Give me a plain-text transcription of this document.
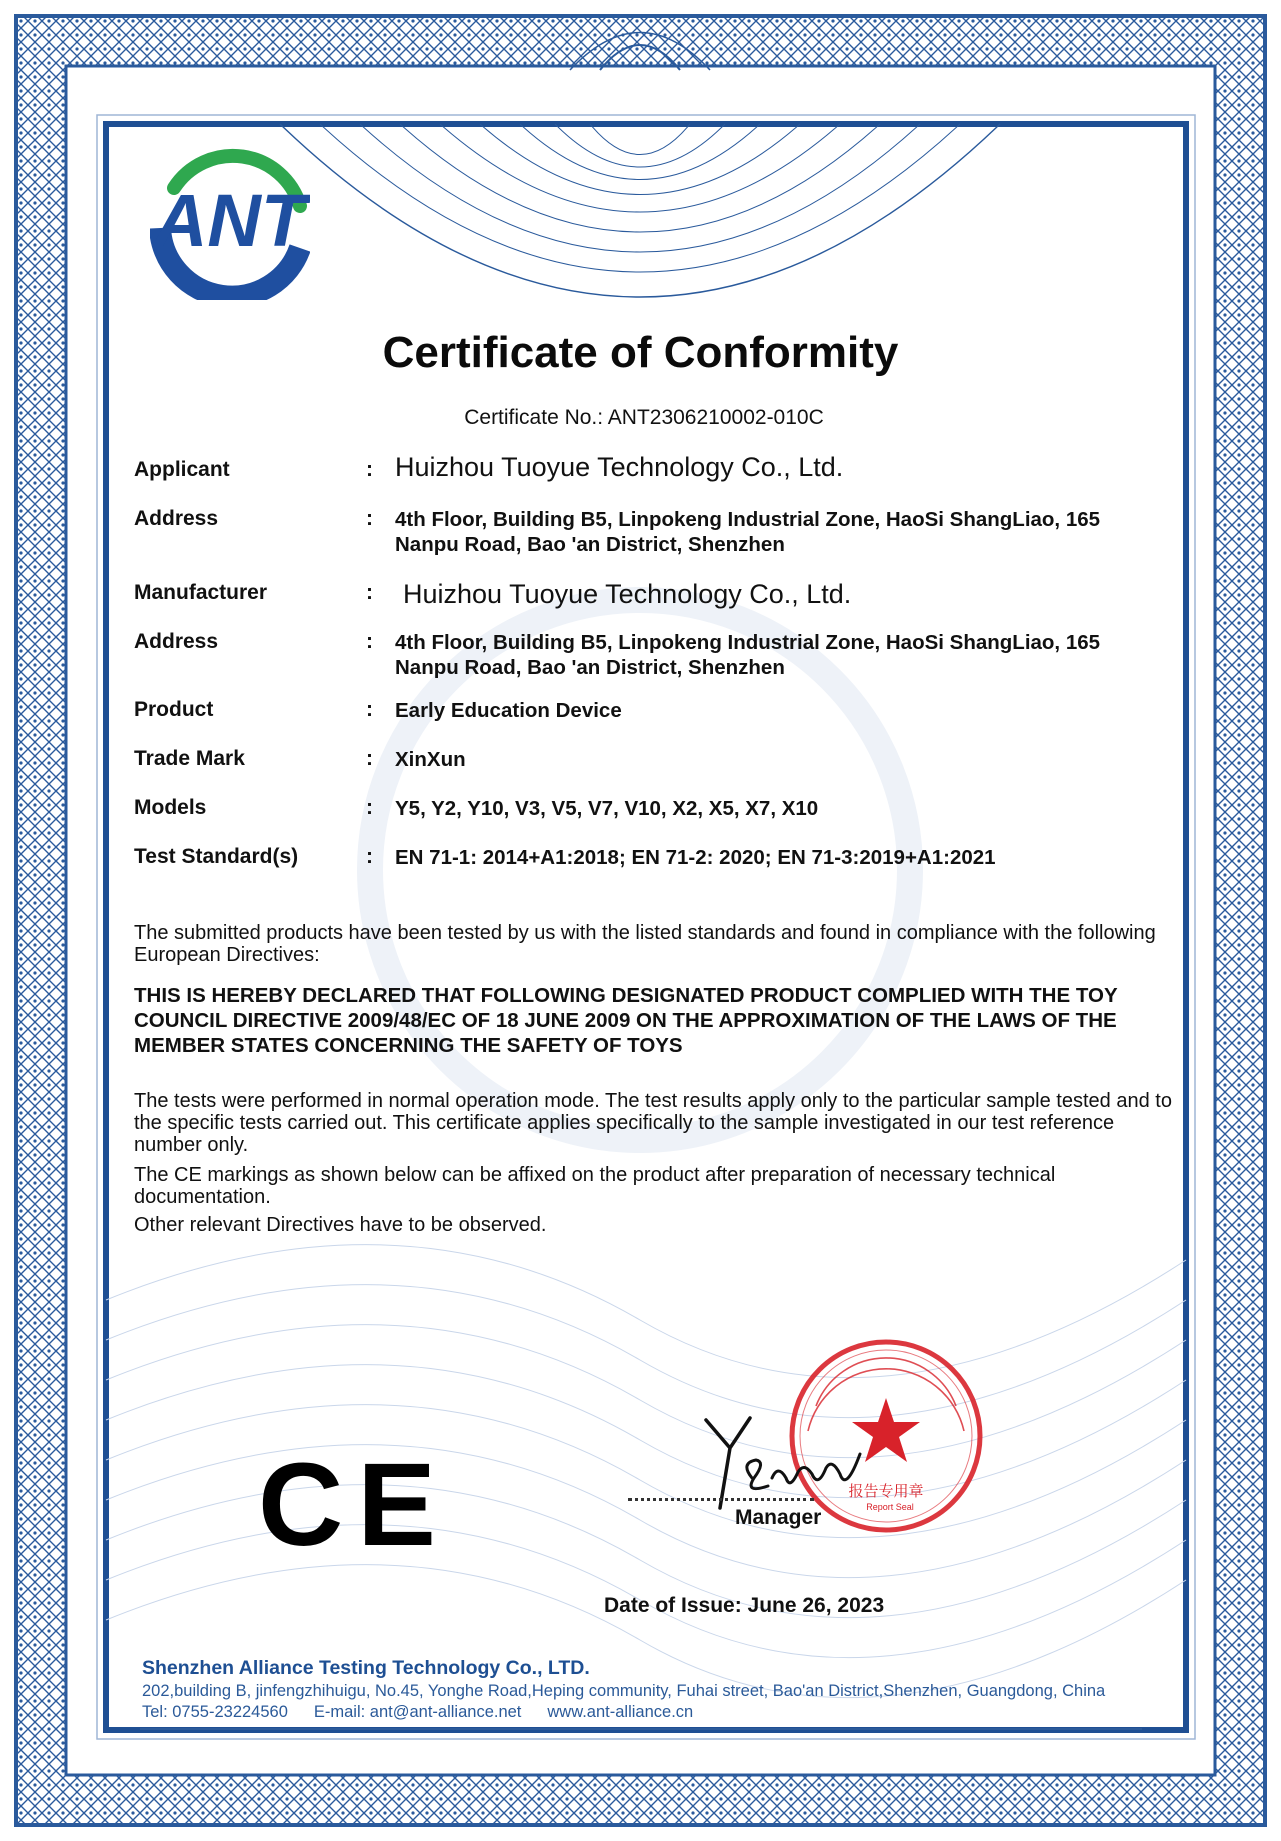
ANT
Certificate of Conformity
Certificate No.: ANT2306210002-010C
Applicant	: Huizhou Tuoyue Technology Co., Ltd.
Address	: 4th Floor, Building B5, Linpokeng Industrial Zone, HaoSi ShangLiao, 165 Nanpu Road, Bao 'an District, Shenzhen
Manufacturer	: Huizhou Tuoyue Technology Co., Ltd.
Address	: 4th Floor, Building B5, Linpokeng Industrial Zone, HaoSi ShangLiao, 165 Nanpu Road, Bao 'an District, Shenzhen
Product	: Early Education Device
Trade Mark	: XinXun
Models	: Y5, Y2, Y10, V3, V5, V7, V10, X2, X5, X7, X10
Test Standard(s)	: EN 71-1: 2014+A1:2018; EN 71-2: 2020; EN 71-3:2019+A1:2021
The submitted products have been tested by us with the listed standards and found in compliance with the following European Directives:
THIS IS HEREBY DECLARED THAT FOLLOWING DESIGNATED PRODUCT COMPLIED WITH THE TOY COUNCIL DIRECTIVE 2009/48/EC OF 18 JUNE 2009 ON THE APPROXIMATION OF THE LAWS OF THE MEMBER STATES CONCERNING THE SAFETY OF TOYS
The tests were performed in normal operation mode. The test results apply only to the particular sample tested and to the specific tests carried out. This certificate applies specifically to the sample investigated in our test reference number only.
The CE markings as shown below can be affixed on the product after preparation of necessary technical documentation.
Other relevant Directives have to be observed.
CE	报告专用章
Report Seal
Manager
Date of Issue: June 26, 2023
Shenzhen Alliance Testing Technology Co., LTD.
202,building B, jinfengzhihuigu, No.45, Yonghe Road,Heping community, Fuhai street, Bao'an District,Shenzhen, Guangdong, China
Tel: 0755-23224560 E-mail: ant@ant-alliance.net www.ant-alliance.cn
